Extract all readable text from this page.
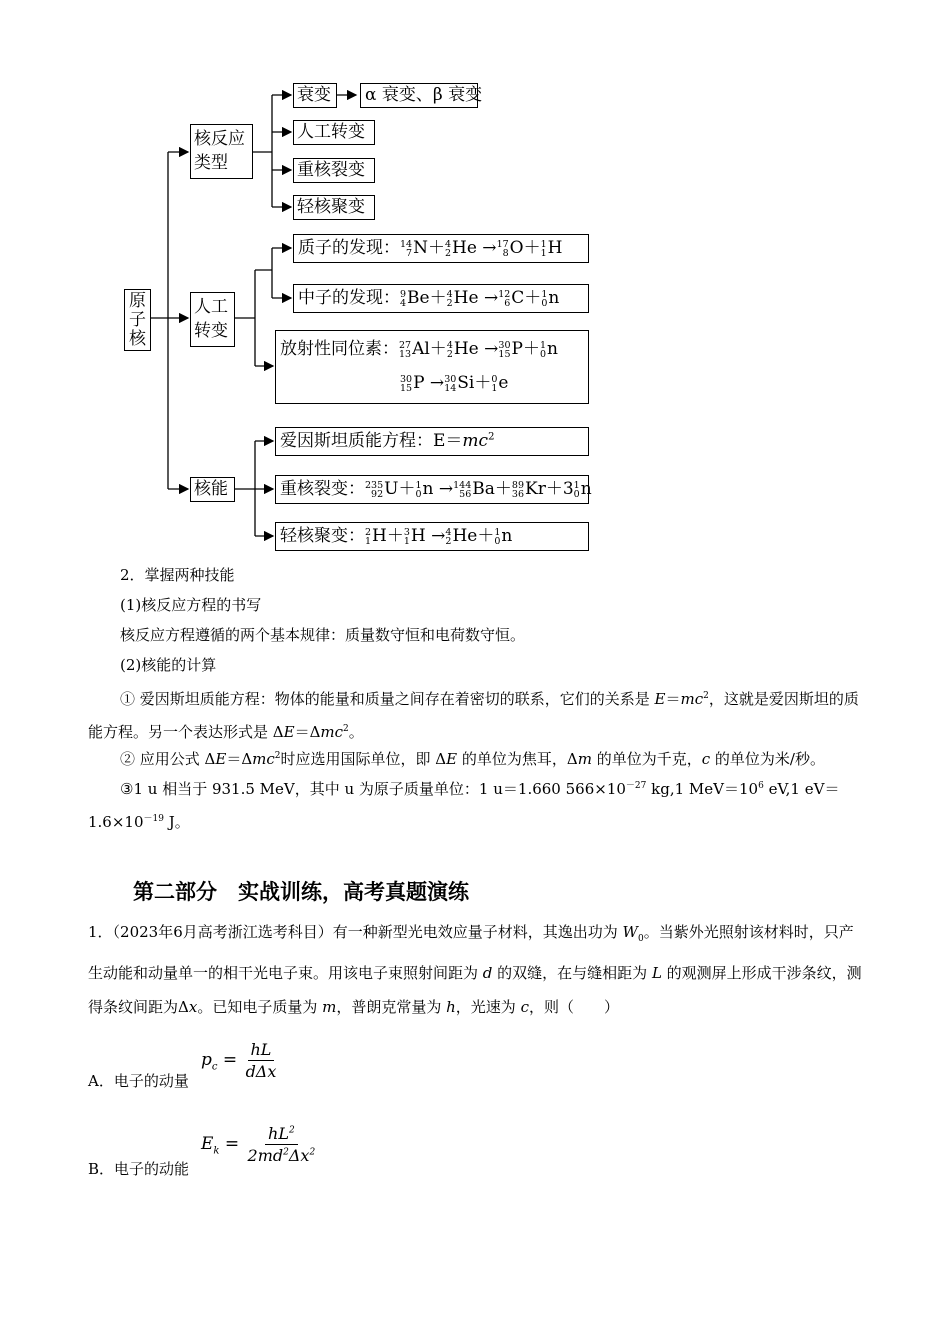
原子核
核反应类型
人工转变
核能
衰变 α 衰变、β 衰变
人工转变
重核裂变
轻核聚变
质子的发现： 14
7 N＋ 4
2 He → 17
8 O＋ 1
1 H
中子的发现： 9
4 Be＋ 4
2 He → 12
6 C＋ 1
0 n
放射性同位素： 27
13 Al＋ 4
2 He → 30
15 P＋ 1
0 n
30
15 P → 30
14 Si＋ 0
1 e
爱因斯坦质能方程：$E=mc^2$
重核裂变： 235
92 U＋ 1
0 n → 144
56 Ba＋ 89
36 Kr＋3 1
0 n
轻核聚变： 2
1 H＋ 3
1 H → 4
2 He＋ 1
0 n
2．掌握两种技能
(1)核反应方程的书写
核反应方程遵循的两个基本规律：质量数守恒和电荷数守恒。
(2)核能的计算
① 爱因斯坦质能方程：物体的能量和质量之间存在着密切的联系，它们的关系是 $E=mc^2$，这就是爱因斯坦的质能方程。另一个表达形式是 ΔE＝Δmc$^2$。
② 应用公式 ΔE＝Δmc$^2$时应选用国际单位，即 ΔE 的单位为焦耳，Δm 的单位为千克，c 的单位为米/秒。
③1 u 相当于 931.5 MeV，其中 u 为原子质量单位：1 u＝1.660 $566\times 10^{-27}$ kg,1 $MeV=10^6$ eV,1 $eV=1.6\times 10^{-19}$ J。
第二部分　实战训练，高考真题演练
1．（2023年6月高考浙江选考科目）有一种新型光电效应量子材料，其逸出功为 $W_0$。当紫外光照射该材料时，只产生动能和动量单一的相干光电子束。用该电子束照射间距为 d 的双缝，在与缝相距为 L 的观测屏上形成干涉条纹，测得条纹间距为Δx。已知电子质量为 m，普朗克常量为 h，光速为 c，则（　　）
A．电子的动量
$p_c = \frac{hL}{\text{dΔx}}$
B．电子的动能
$E_k = \frac{hL^2}{2md^2\Delta x^2}$
